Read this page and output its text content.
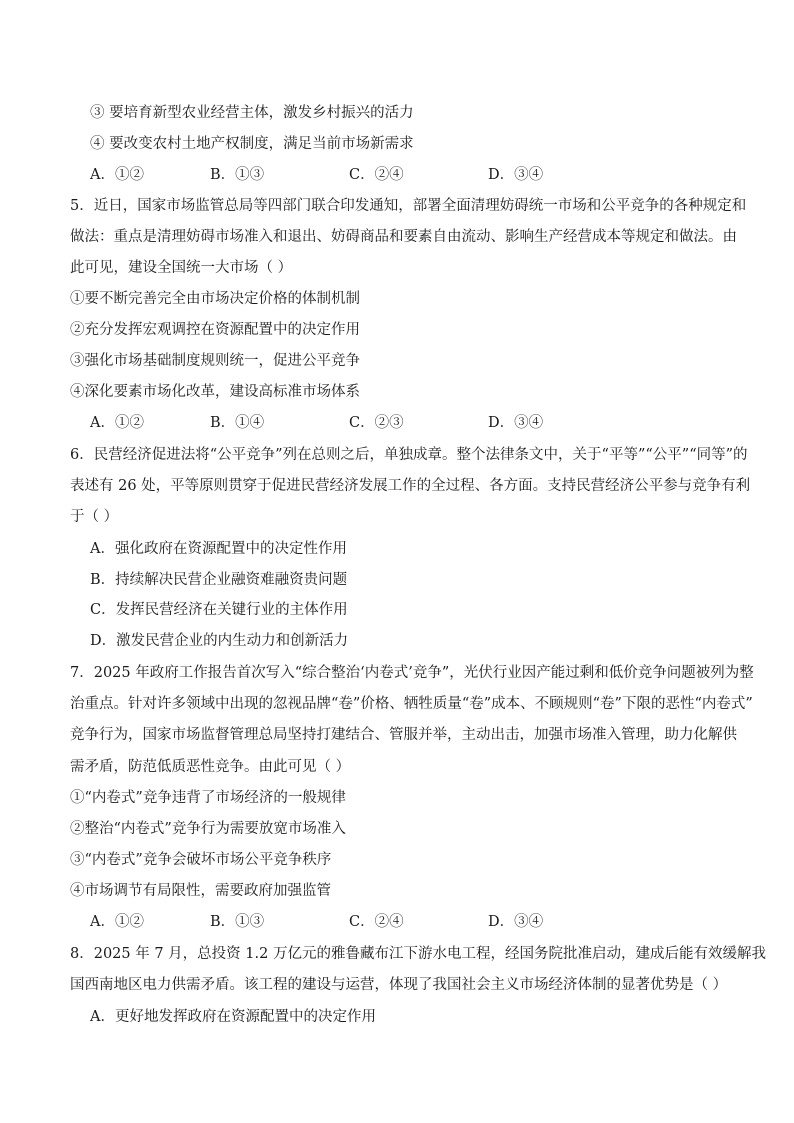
③ 要培育新型农业经营主体，激发乡村振兴的活力
④ 要改变农村土地产权制度，满足当前市场新需求
A．①②	B．①③	C．②④	D．③④
5．近日，国家市场监管总局等四部门联合印发通知，部署全面清理妨碍统一市场和公平竞争的各种规定和
做法：重点是清理妨碍市场准入和退出、妨碍商品和要素自由流动、影响生产经营成本等规定和做法。由
此可见，建设全国统一大市场（ ）
①要不断完善完全由市场决定价格的体制机制
②充分发挥宏观调控在资源配置中的决定作用
③强化市场基础制度规则统一，促进公平竞争
④深化要素市场化改革，建设高标准市场体系
A．①②	B．①④	C．②③	D．③④
6．民营经济促进法将“公平竞争”列在总则之后，单独成章。整个法律条文中，关于“平等”“公平”“同等”的
表述有 26 处，平等原则贯穿于促进民营经济发展工作的全过程、各方面。支持民营经济公平参与竞争有利
于（ ）
A．强化政府在资源配置中的决定性作用
B．持续解决民营企业融资难融资贵问题
C．发挥民营经济在关键行业的主体作用
D．激发民营企业的内生动力和创新活力
7．2025 年政府工作报告首次写入“综合整治‘内卷式’竞争”，光伏行业因产能过剩和低价竞争问题被列为整
治重点。针对许多领域中出现的忽视品牌“卷”价格、牺牲质量“卷”成本、不顾规则“卷”下限的恶性“内卷式”
竞争行为，国家市场监督管理总局坚持打建结合、管服并举，主动出击，加强市场准入管理，助力化解供
需矛盾，防范低质恶性竞争。由此可见（ ）
①“内卷式”竞争违背了市场经济的一般规律
②整治“内卷式”竞争行为需要放宽市场准入
③“内卷式”竞争会破坏市场公平竞争秩序
④市场调节有局限性，需要政府加强监管
A．①②	B．①③	C．②④	D．③④
8．2025 年 7 月，总投资 1.2 万亿元的雅鲁藏布江下游水电工程，经国务院批准启动，建成后能有效缓解我
国西南地区电力供需矛盾。该工程的建设与运营，体现了我国社会主义市场经济体制的显著优势是（ ）
A．更好地发挥政府在资源配置中的决定作用
